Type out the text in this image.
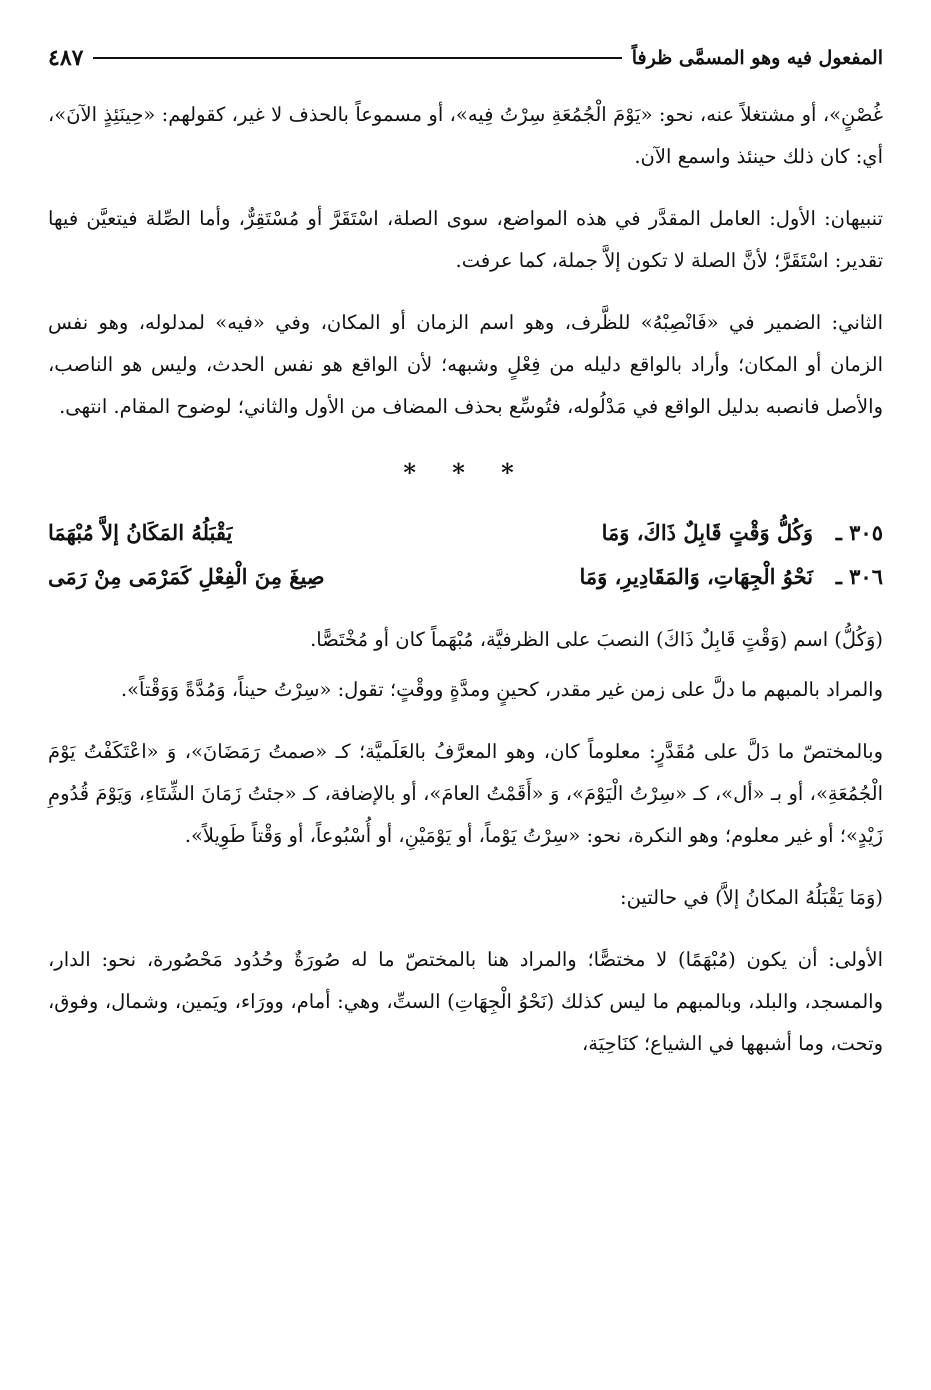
المفعول فيه وهو المسمَّى ظرفاً
٤٨٧

غُصْنٍ»، أو مشتغلاً عنه، نحو: «يَوْمَ الْجُمُعَةِ سِرْتُ فِيه»، أو مسموعاً بالحذف لا غير، كقولهم: «حِينَئِذٍ الآنَ»، أي: كان ذلك حينئذ واسمع الآن.

تنبيهان: الأول: العامل المقدَّر في هذه المواضع، سوى الصلة، اسْتَقَرَّ أو مُسْتَقِرٌّ، وأما الصِّلة فيتعيَّن فيها تقدير: اسْتَقَرَّ؛ لأنَّ الصلة لا تكون إلاَّ جملة، كما عرفت.

الثاني: الضمير في «فَانْصِبْهُ» للظَّرف، وهو اسم الزمان أو المكان، وفي «فيه» لمدلوله، وهو نفس الزمان أو المكان؛ وأراد بالواقع دليله من فِعْلٍ وشبهه؛ لأن الواقع هو نفس الحدث، وليس هو الناصب، والأصل فانصبه بدليل الواقع في مَدْلُوله، فتُوسِّع بحذف المضاف من الأول والثاني؛ لوضوح المقام. انتهى.

* * *
٣٠٥ ـ
وَكُلُّ وَقْتٍ قَابِلٌ ذَاكَ، وَمَا
يَقْبَلُهُ المَكَانُ إلاَّ مُبْهَمَا
٣٠٦ ـ
نَحْوُ الْجِهَاتِ، وَالمَقَادِيرِ، وَمَا
صِيغَ مِنَ الْفِعْلِ كَمَرْمَى مِنْ رَمَى

(وَكُلُّ) اسم (وَقْتٍ قَابِلٌ ذَاكَ) النصبَ على الظرفيَّة، مُبْهَماً كان أو مُخْتَصًّا.

والمراد بالمبهم ما دلَّ على زمن غير مقدر، كحينٍ ومدَّةٍ ووقْتٍ؛ تقول: «سِرْتُ حيناً، وَمُدَّةً وَوَقْتاً».

وبالمختصّ ما دَلَّ على مُقَدَّرٍ: معلوماً كان، وهو المعرَّفُ بالعَلَميَّة؛ كـ «صمتُ رَمَضَانَ»، وَ «اعْتَكَفْتُ يَوْمَ الْجُمُعَةِ»، أو بـ «أل»، كـ «سِرْتُ الْيَوْمَ»، وَ «أَقَمْتُ العامَ»، أو بالإضافة، كـ «جئتُ زَمَانَ الشِّتَاءِ، وَيَوْمَ قُدُومِ زَيْدٍ»؛ أو غير معلوم؛ وهو النكرة، نحو: «سِرْتُ يَوْماً، أو يَوْمَيْنِ، أو أُسْبُوعاً، أو وَقْتاً طَوِيلاً».

(وَمَا يَقْبَلُهُ المكانُ إلاَّ) في حالتين:

الأولى: أن يكون (مُبْهَمًا) لا مختصًّا؛ والمراد هنا بالمختصّ ما له صُورَةٌ وحُدُود مَحْصُورة، نحو: الدار، والمسجد، والبلد، وبالمبهم ما ليس كذلك (نَحْوُ الْجِهَاتِ) الستِّ، وهي: أمام، وورَاء، ويَمين، وشمال، وفوق، وتحت، وما أشبهها في الشياع؛ كنَاحِيَة،
